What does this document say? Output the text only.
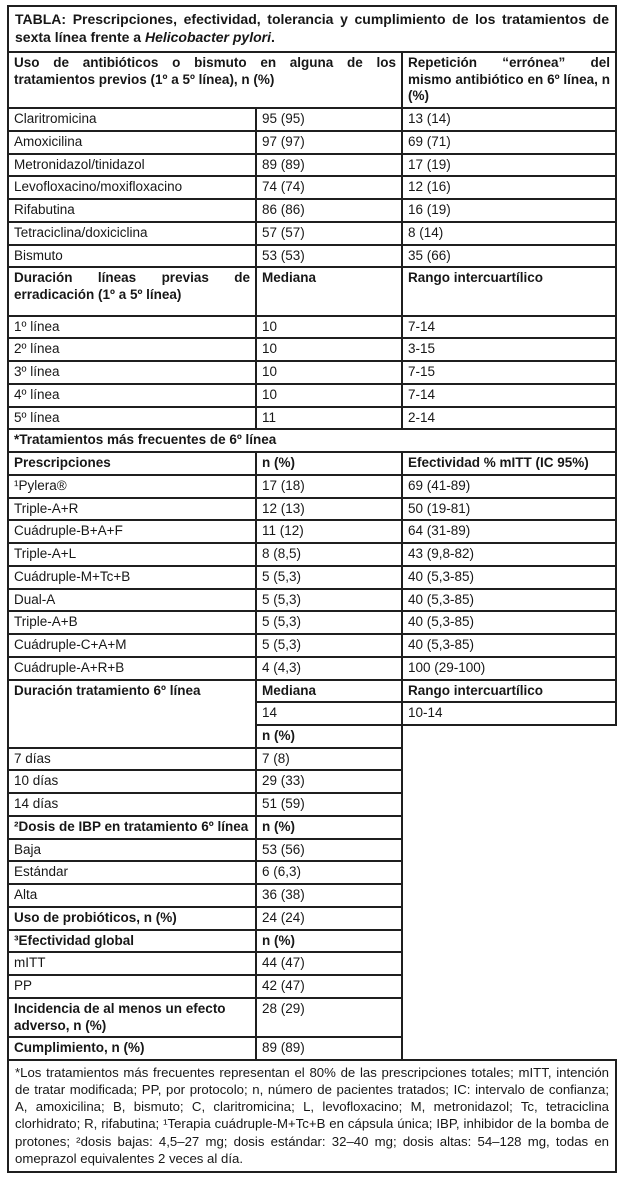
TABLA: Prescripciones, efectividad, tolerancia y cumplimiento de los tratamientos de sexta línea frente a Helicobacter pylori.		
Uso de antibióticos o bismuto en alguna de los tratamientos previos (1º a 5º línea), n (%)		Repetición “errónea” del mismo antibiótico en 6º línea, n (%)
Claritromicina	95 (95)	13 (14)
Amoxicilina	97 (97)	69 (71)
Metronidazol/tinidazol	89 (89)	17 (19)
Levofloxacino/moxifloxacino	74 (74)	12 (16)
Rifabutina	86 (86)	16 (19)
Tetraciclina/doxiciclina	57 (57)	8 (14)
Bismuto	53 (53)	35 (66)
Duración líneas previas de erradicación (1º a 5º línea)	Mediana	Rango intercuartílico
1º línea	10	7-14
2º línea	10	3-15
3º línea	10	7-15
4º línea	10	7-14
5º línea	11	2-14
*Tratamientos más frecuentes de 6º línea		
Prescripciones	n (%)	Efectividad % mITT (IC 95%)
¹Pylera®	17 (18)	69 (41-89)
Triple-A+R	12 (13)	50 (19-81)
Cuádruple-B+A+F	11 (12)	64 (31-89)
Triple-A+L	8 (8,5)	43 (9,8-82)
Cuádruple-M+Tc+B	5 (5,3)	40 (5,3-85)
Dual-A	5 (5,3)	40 (5,3-85)
Triple-A+B	5 (5,3)	40 (5,3-85)
Cuádruple-C+A+M	5 (5,3)	40 (5,3-85)
Cuádruple-A+R+B	4 (4,3)	100 (29-100)
Duración tratamiento 6º línea	Mediana	Rango intercuartílico
	14	10-14
	n (%)	
7 días	7 (8)	
10 días	29 (33)	
14 días	51 (59)	
²Dosis de IBP en tratamiento 6º línea	n (%)	
Baja	53 (56)	
Estándar	6 (6,3)	
Alta	36 (38)	
Uso de probióticos, n (%)	24 (24)	
³Efectividad global	n (%)	
mITT	44 (47)	
PP	42 (47)	
Incidencia de al menos un efecto adverso, n (%)	28 (29)	
Cumplimiento, n (%)	89 (89)	
*Los tratamientos más frecuentes representan el 80% de las prescripciones totales; mITT, intención de tratar modificada; PP, por protocolo; n, número de pacientes tratados; IC: intervalo de confianza; A, amoxicilina; B, bismuto; C, claritromicina; L, levofloxacino; M, metronidazol; Tc, tetraciclina clorhidrato; R, rifabutina; ¹Terapia cuádruple-M+Tc+B en cápsula única; IBP, inhibidor de la bomba de protones; ²dosis bajas: 4,5–27 mg; dosis estándar: 32–40 mg; dosis altas: 54–128 mg, todas en omeprazol equivalentes 2 veces al día.		
